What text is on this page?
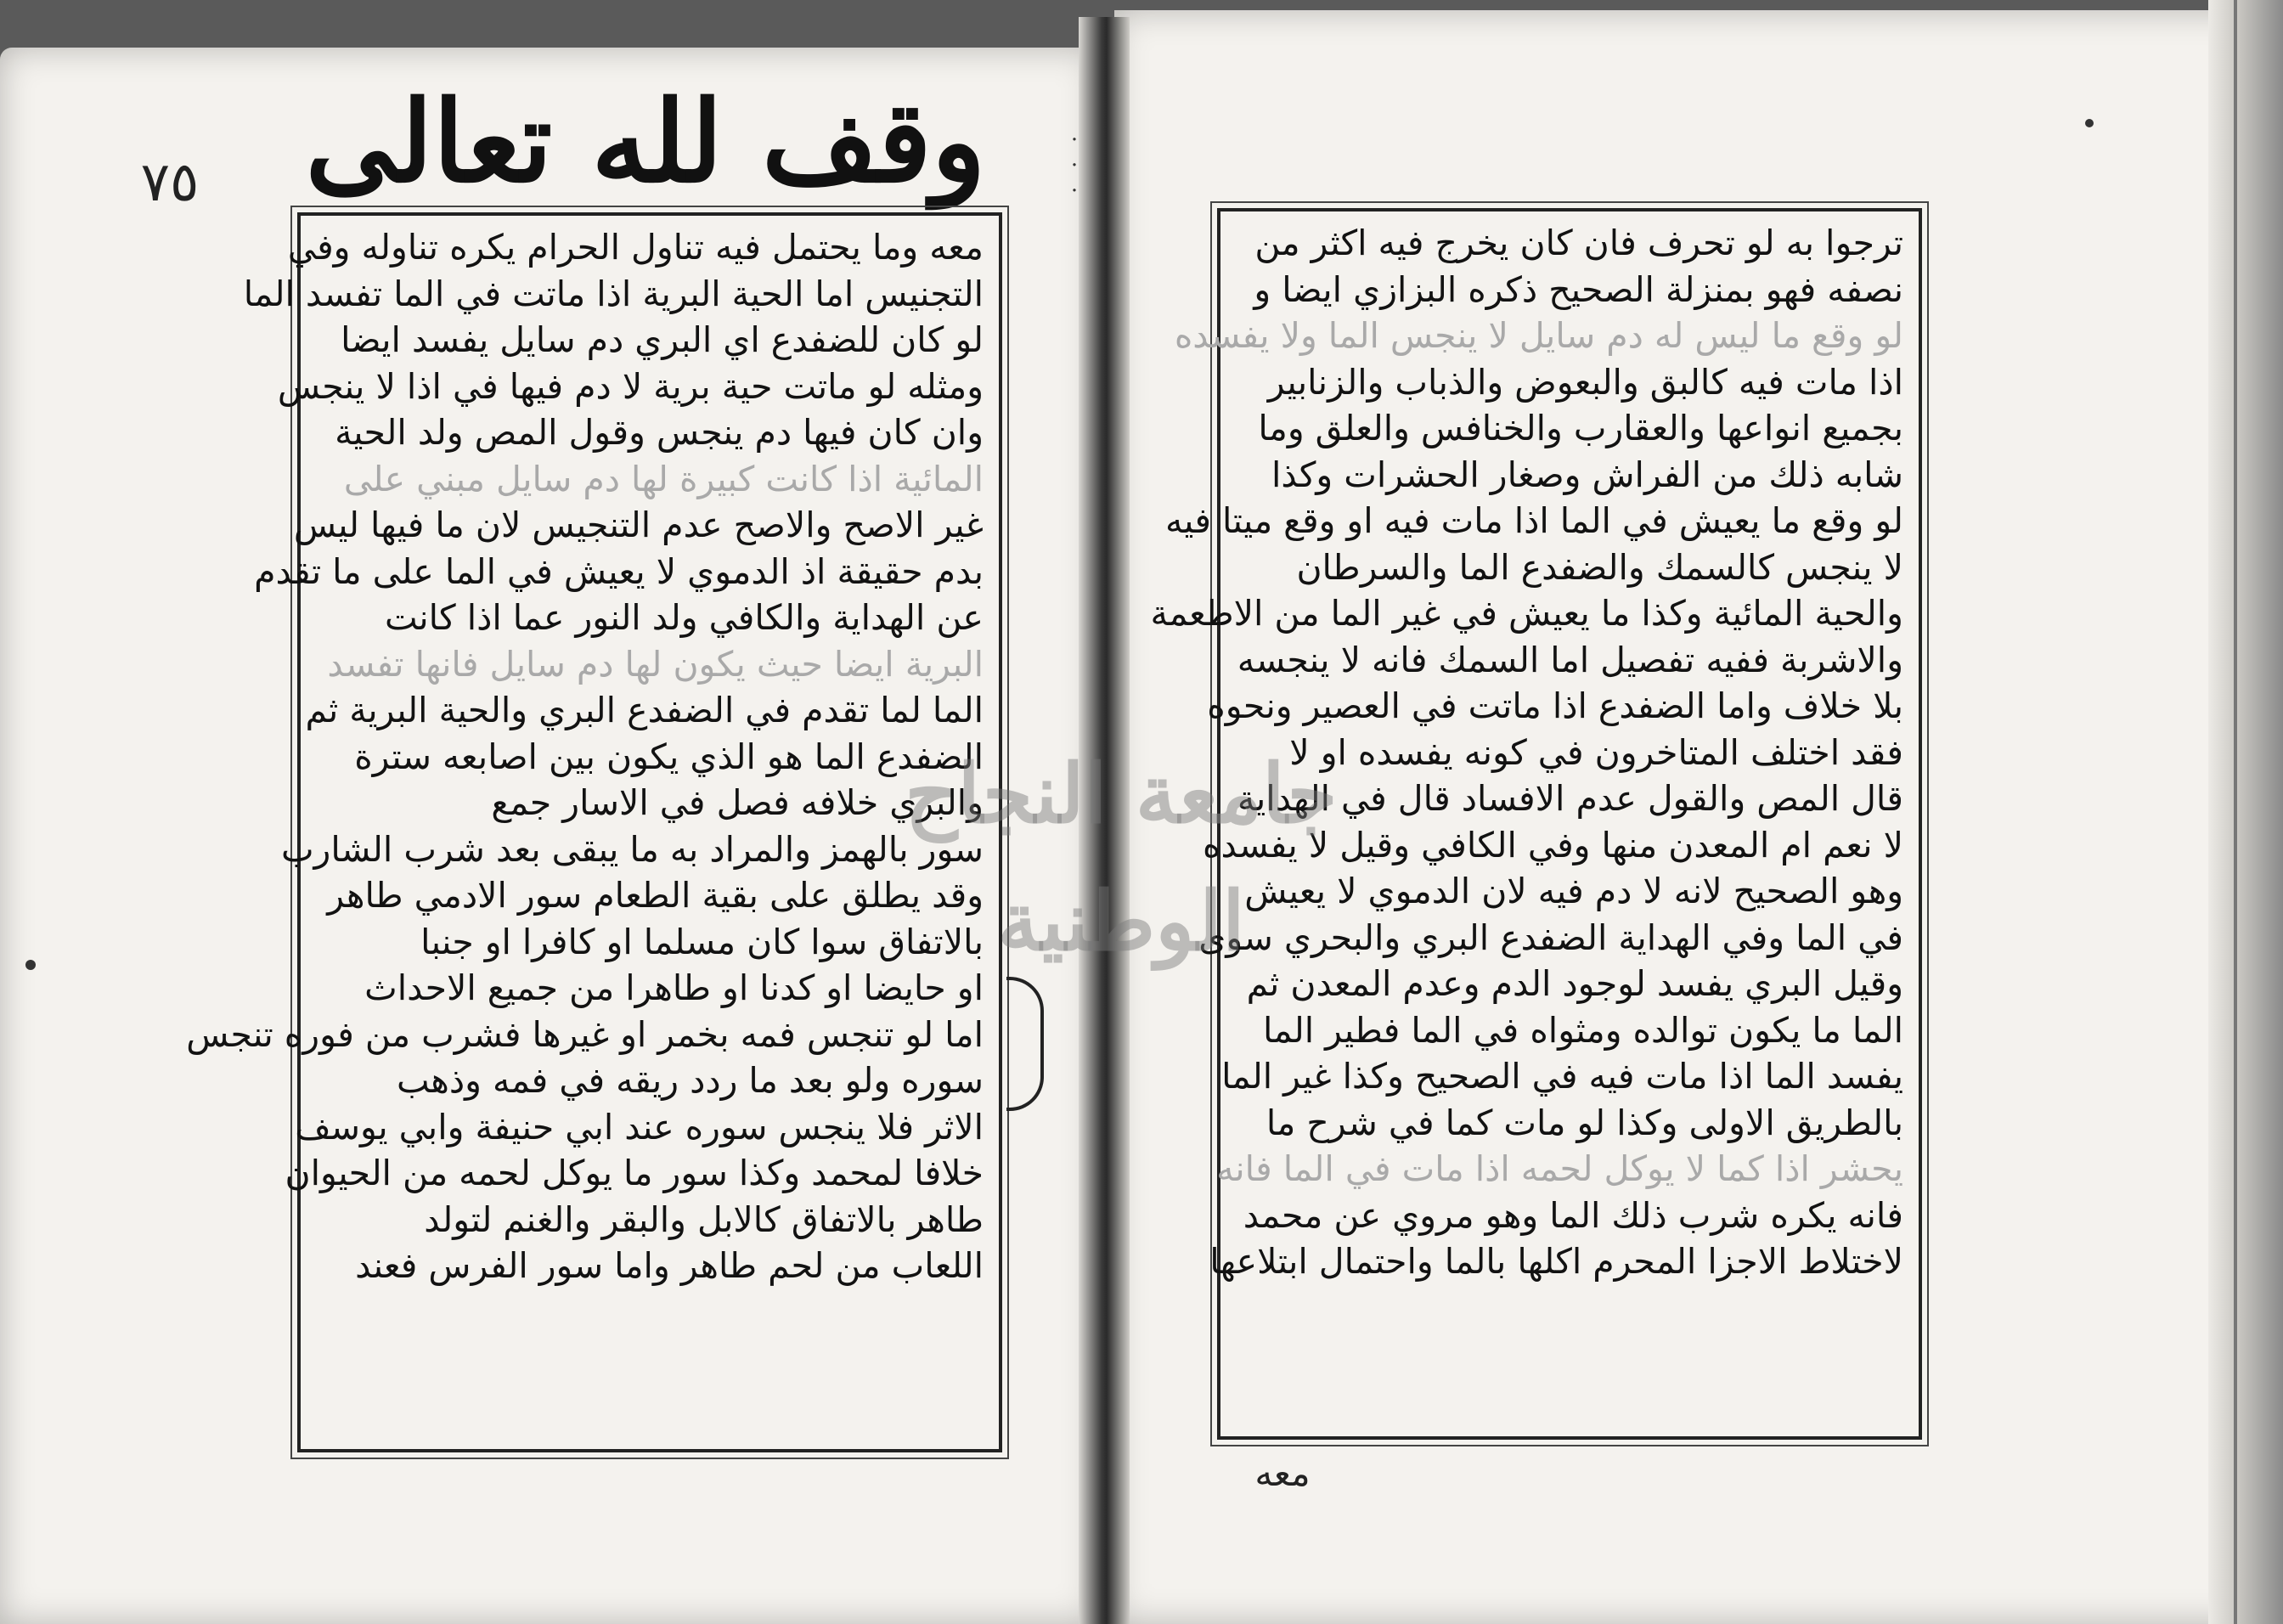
وقف لله تعالى
٧٥
معه وما يحتمل فيه تناول الحرام يكره تناوله وفي
التجنيس اما الحية البرية اذا ماتت في الما تفسد الما
لو كان للضفدع اي البري دم سايل يفسد ايضا
ومثله لو ماتت حية برية لا دم فيها في اذا لا ينجس
وان كان فيها دم ينجس وقول المص ولد الحية
المائية اذا كانت كبيرة لها دم سايل مبني على
غير الاصح والاصح عدم التنجيس لان ما فيها ليس
بدم حقيقة اذ الدموي لا يعيش في الما على ما تقدم
عن الهداية والكافي ولد النور عما اذا كانت
البرية ايضا حيث يكون لها دم سايل فانها تفسد
الما لما تقدم في الضفدع البري والحية البرية ثم
الضفدع الما هو الذي يكون بين اصابعه سترة
والبري خلافه فصل في الاسار جمع
سور بالهمز والمراد به ما يبقى بعد شرب الشارب
وقد يطلق على بقية الطعام سور الادمي طاهر
بالاتفاق سوا كان مسلما او كافرا او جنبا
او حايضا او كدنا او طاهرا من جميع الاحداث
اما لو تنجس فمه بخمر او غيرها فشرب من فوره تنجس
سوره ولو بعد ما ردد ريقه في فمه وذهب
الاثر فلا ينجس سوره عند ابي حنيفة وابي يوسف
خلافا لمحمد وكذا سور ما يوكل لحمه من الحيوان
طاهر بالاتفاق كالابل والبقر والغنم لتولد
اللعاب من لحم طاهر واما سور الفرس فعند
ترجوا به لو تحرف فان كان يخرج فيه اكثر من
نصفه فهو بمنزلة الصحيح ذكره البزازي ايضا و
لو وقع ما ليس له دم سايل لا ينجس الما ولا يفسده
اذا مات فيه كالبق والبعوض والذباب والزنابير
بجميع انواعها والعقارب والخنافس والعلق وما
شابه ذلك من الفراش وصغار الحشرات وكذا
لو وقع ما يعيش في الما اذا مات فيه او وقع ميتا فيه
لا ينجس كالسمك والضفدع الما والسرطان
والحية المائية وكذا ما يعيش في غير الما من الاطعمة
والاشربة ففيه تفصيل اما السمك فانه لا ينجسه
بلا خلاف واما الضفدع اذا ماتت في العصير ونحوه
فقد اختلف المتاخرون في كونه يفسده او لا
قال المص والقول عدم الافساد قال في الهداية
لا نعم ام المعدن منها وفي الكافي وقيل لا يفسده
وهو الصحيح لانه لا دم فيه لان الدموي لا يعيش
في الما وفي الهداية الضفدع البري والبحري سوى
وقيل البري يفسد لوجود الدم وعدم المعدن ثم
الما ما يكون توالده ومثواه في الما فطير الما
يفسد الما اذا مات فيه في الصحيح وكذا غير الما
بالطريق الاولى وكذا لو مات كما في شرح ما
يحشر اذا كما لا يوكل لحمه اذا مات في الما فانه
فانه يكره شرب ذلك الما وهو مروي عن محمد
لاختلاط الاجزا المحرم اكلها بالما واحتمال ابتلاعها
معه
·
·
·
جامعة النجاح الوطنية
